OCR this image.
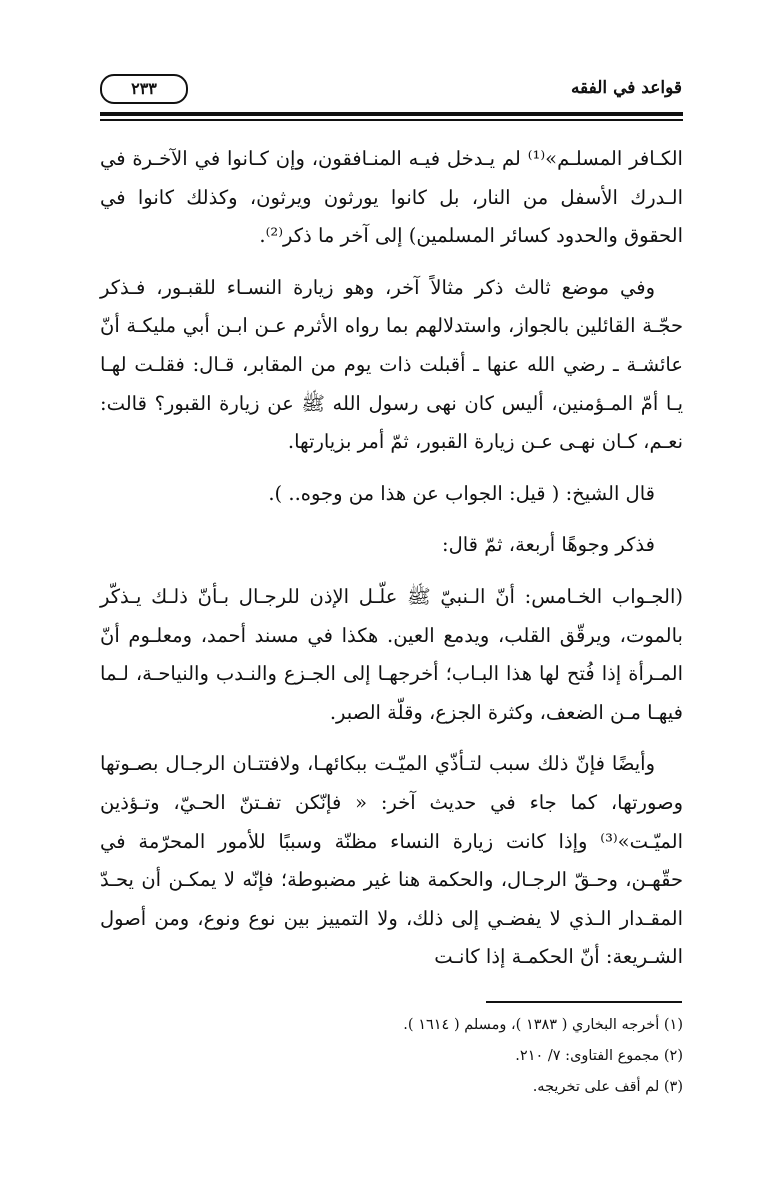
قواعد في الفقه
٢٣٣

الكـافر المسلـم»⁽¹⁾ لم يـدخل فيـه المنـافقون، وإن كـانوا في الآخـرة في الـدرك الأسفل من النار، بل كانوا يورثون ويرثون، وكذلك كانوا في الحقوق والحدود كسائر المسلمين) إلى آخر ما ذكر⁽²⁾.

وفي موضع ثالث ذكر مثالاً آخر، وهو زيارة النسـاء للقبـور، فـذكر حجّـة القائلين بالجواز، واستدلالهم بما رواه الأثرم عـن ابـن أبي مليكـة أنّ عائشـة ـ رضي الله عنها ـ أقبلت ذات يوم من المقابر، قـال: فقلـت لهـا يـا أمّ المـؤمنين، أليس كان نهى رسول الله ﷺ عن زيارة القبور؟ قالت: نعـم، كـان نهـى عـن زيارة القبور، ثمّ أمر بزيارتها.

قال الشيخ: ( قيل: الجواب عن هذا من وجوه.. ).

فذكر وجوهًا أربعة، ثمّ قال:

(الجـواب الخـامس: أنّ الـنبيّ ﷺ علّـل الإذن للرجـال بـأنّ ذلـك يـذكّر بالموت، ويرقّق القلب، ويدمع العين. هكذا في مسند أحمد، ومعلـوم أنّ المـرأة إذا فُتح لها هذا البـاب؛ أخرجهـا إلى الجـزع والنـدب والنياحـة، لـما فيهـا مـن الضعف، وكثرة الجزع، وقلّة الصبر.

وأيضًا فإنّ ذلك سبب لتـأذّي الميّـت ببكائهـا، ولافتتـان الرجـال بصـوتها وصورتها، كما جاء في حديث آخر: « فإنّكن تفـتنّ الحـيّ، وتـؤذين الميّـت»⁽³⁾ وإذا كانت زيارة النساء مظنّة وسببًا للأمور المحرّمة في حقّهـن، وحـقّ الرجـال، والحكمة هنا غير مضبوطة؛ فإنّه لا يمكـن أن يحـدّ المقـدار الـذي لا يفضـي إلى ذلك، ولا التمييز بين نوع ونوع، ومن أصول الشـريعة: أنّ الحكمـة إذا كانـت

(١) أخرجه البخاري ( ١٣٨٣ )، ومسلم ( ١٦١٤ ).
(٢) مجموع الفتاوى: ٧/ ٢١٠.
(٣) لم أقف على تخريجه.
